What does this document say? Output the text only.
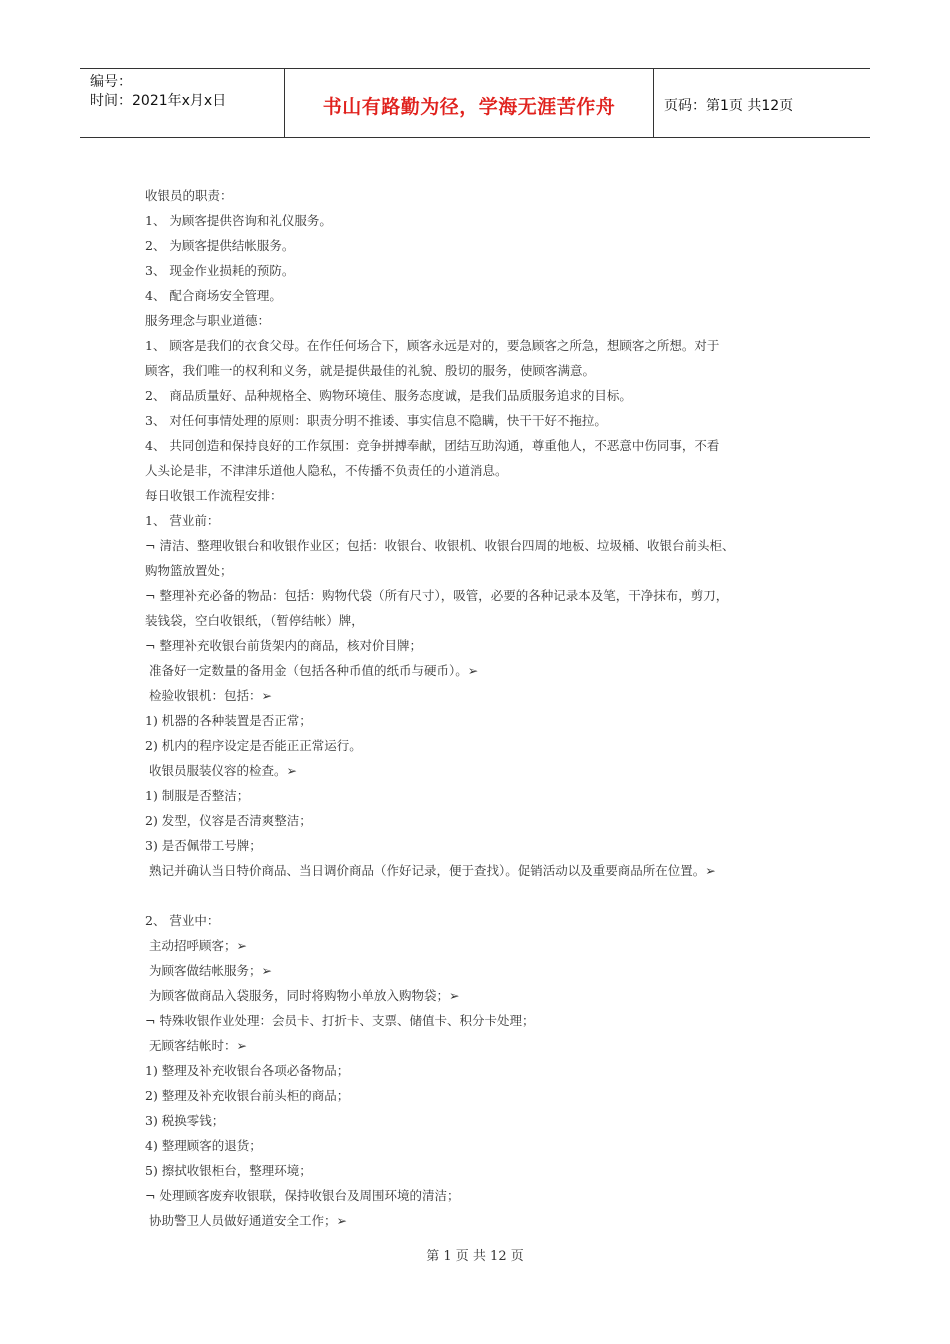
编号：
时间：2021年x月x日	书山有路勤为径，学海无涯苦作舟	页码：第1页 共12页
收银员的职责：
1、 为顾客提供咨询和礼仪服务。
2、 为顾客提供结帐服务。
3、 现金作业损耗的预防。
4、 配合商场安全管理。
服务理念与职业道德：
1、 顾客是我们的衣食父母。在作任何场合下，顾客永远是对的，要急顾客之所急，想顾客之所想。对于
顾客，我们唯一的权利和义务，就是提供最佳的礼貌、殷切的服务，使顾客满意。
2、 商品质量好、品种规格全、购物环境佳、服务态度诚，是我们品质服务追求的目标。
3、 对任何事情处理的原则：职责分明不推诿、事实信息不隐瞒，快干干好不拖拉。
4、 共同创造和保持良好的工作氛围：竞争拼搏奉献，团结互助沟通，尊重他人，不恶意中伤同事，不看
人头论是非，不津津乐道他人隐私，不传播不负责任的小道消息。
每日收银工作流程安排：
1、 营业前：
¬ 清洁、整理收银台和收银作业区；包括：收银台、收银机、收银台四周的地板、垃圾桶、收银台前头柜、
购物篮放置处；
¬ 整理补充必备的物品：包括：购物代袋（所有尺寸），吸管，必要的各种记录本及笔，干净抹布，剪刀，
装钱袋，空白收银纸，（暂停结帐）牌，
¬ 整理补充收银台前货架内的商品，核对价目牌；
准备好一定数量的备用金（包括各种币值的纸币与硬币）。➢
检验收银机：包括：➢
1) 机器的各种装置是否正常；
2) 机内的程序设定是否能正正常运行。
收银员服装仪容的检查。➢
1) 制服是否整洁；
2) 发型，仪容是否清爽整洁；
3) 是否佩带工号牌；
熟记并确认当日特价商品、当日调价商品（作好记录，便于查找）。促销活动以及重要商品所在位置。➢
2、 营业中：
主动招呼顾客；➢
为顾客做结帐服务；➢
为顾客做商品入袋服务，同时将购物小单放入购物袋；➢
¬ 特殊收银作业处理：会员卡、打折卡、支票、储值卡、积分卡处理；
无顾客结帐时：➢
1) 整理及补充收银台各项必备物品；
2) 整理及补充收银台前头柜的商品；
3) 税换零钱；
4) 整理顾客的退货；
5) 擦拭收银柜台，整理环境；
¬ 处理顾客废弃收银联，保持收银台及周围环境的清洁；
协助警卫人员做好通道安全工作；➢
第 1 页 共 12 页
